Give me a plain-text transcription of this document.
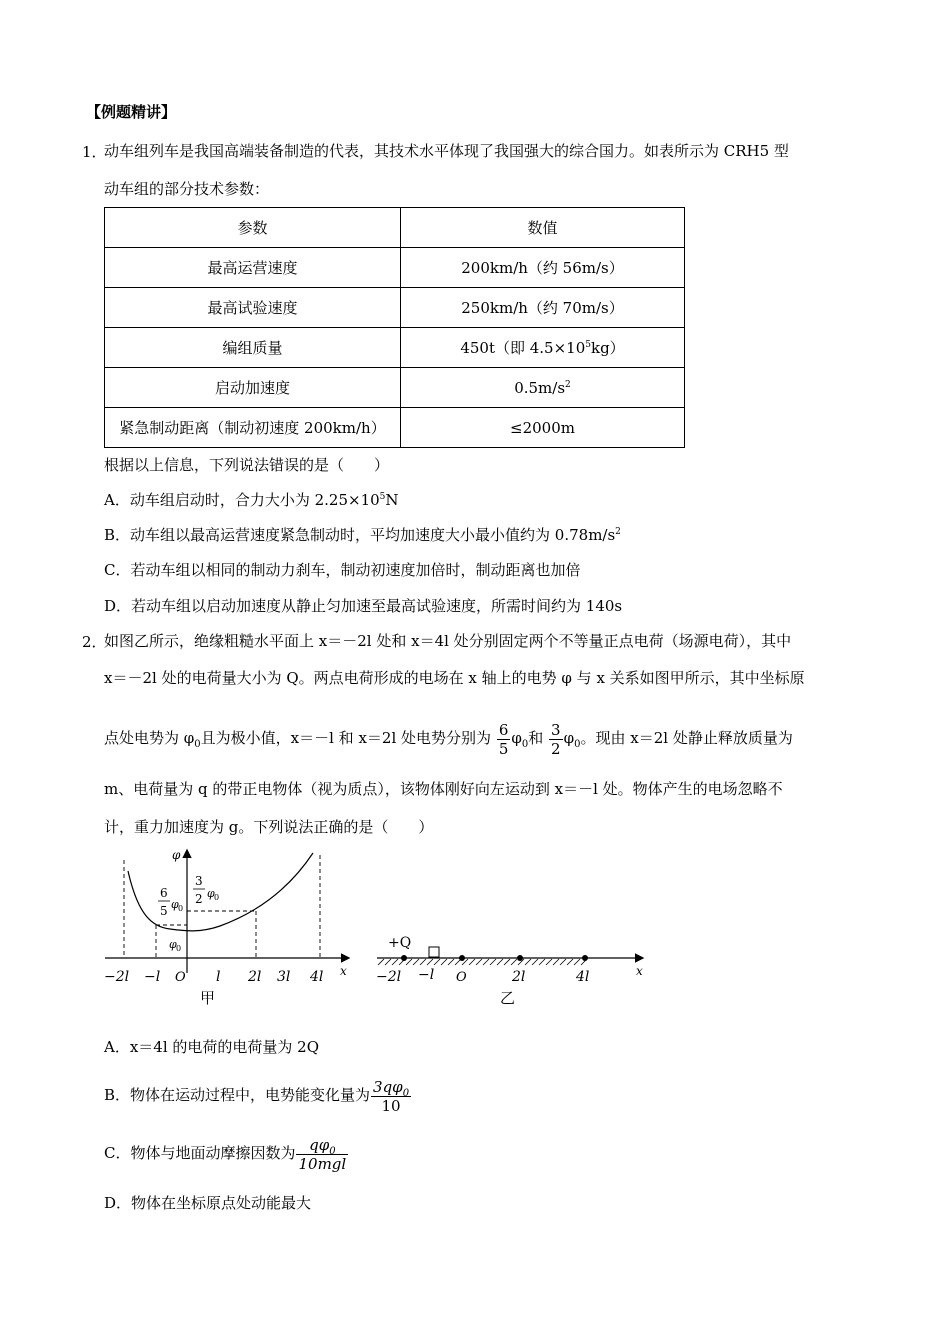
【例题精讲】
1．
动车组列车是我国高端装备制造的代表，其技术水平体现了我国强大的综合国力。如表所示为 CRH5 型
动车组的部分技术参数：
参数	数值
最高运营速度	200km/h（约 56m/s）
最高试验速度	250km/h（约 70m/s）
编组质量	450t（即 $4.5\times 10^5kg$）
启动加速度	$0.5m/s^2$
紧急制动距离（制动初速度 200km/h）	≤2000m
根据以上信息，下列说法错误的是（　　）
A．动车组启动时，合力大小为 $2.25\times 10^5N$
B．动车组以最高运营速度紧急制动时，平均加速度大小最小值约为 $0.78m/s^2$
C．若动车组以相同的制动力刹车，制动初速度加倍时，制动距离也加倍
D．若动车组以启动加速度从静止匀加速至最高试验速度，所需时间约为 140s
2．
如图乙所示，绝缘粗糙水平面上 x＝－2l 处和 x＝4l 处分别固定两个不等量正点电荷（场源电荷），其中
x＝－2l 处的电荷量大小为 Q。两点电荷形成的电场在 x 轴上的电势 φ 与 x 关系如图甲所示，其中坐标原
点处电势为 $\varphi_0$且为极小值，x＝－l 和 x＝2l 处电势分别为 $\frac{6}{5} \varphi_0$和 $\frac{3}{2} \varphi_0$。现由 x＝2l 处静止释放质量为
m、电荷量为 q 的带正电物体（视为质点），该物体刚好向左运动到 x＝－l 处。物体产生的电场忽略不
计，重力加速度为 g。下列说法正确的是（　　）
φ
x
6
5 φ 0
3
2 φ 0
φ 0
−2l −l O l 2l 3l 4l
甲
+Q
x
−2l −l O	2l	4l
乙
A．x＝4l 的电荷的电荷量为 2Q
B．物体在运动过程中，电势能变化量为 $\frac{3q\varphi_0}{10}$
C．物体与地面动摩擦因数为 $\frac{q\varphi_0}{\text{10mgl}}$
D．物体在坐标原点处动能最大
